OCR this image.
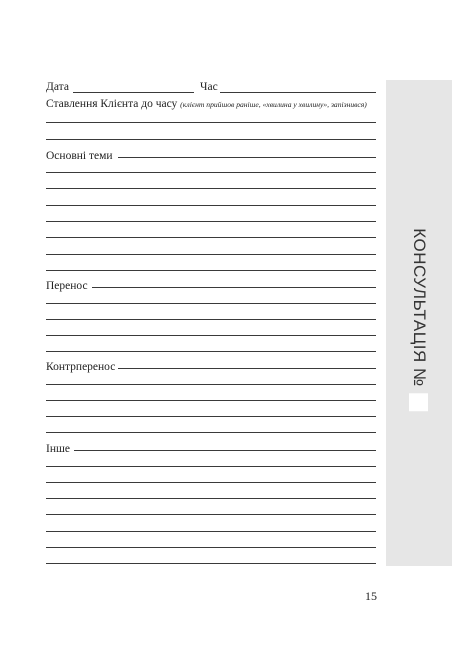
КОНСУЛЬТАЦІЯ №
Дата	Час
Ставлення Клієнта до часу (клієнт прийшов раніше, «хвилина у хвилину», запізнився)
Основні теми
Перенос
Контрперенос
Інше
15
